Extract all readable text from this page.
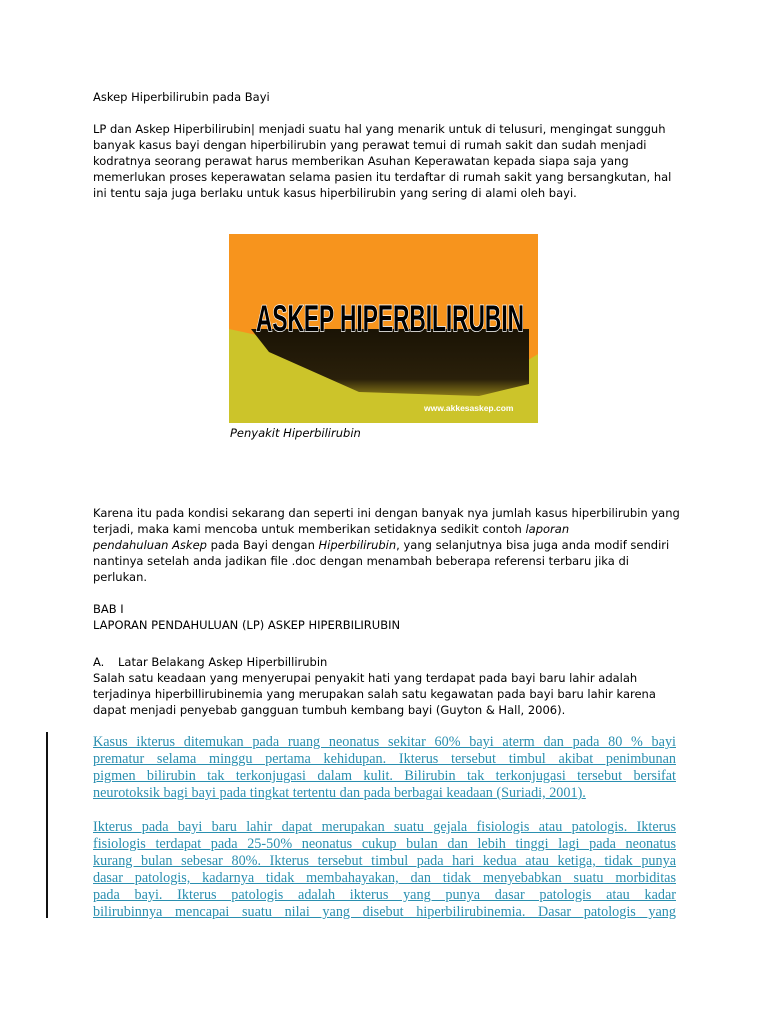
Askep Hiperbilirubin pada Bayi

LP dan Askep Hiperbilirubin| menjadi suatu hal yang menarik untuk di telusuri, mengingat sungguh

banyak kasus bayi dengan hiperbilirubin yang perawat temui di rumah sakit dan sudah menjadi

kodratnya seorang perawat harus memberikan Asuhan Keperawatan kepada siapa saja yang

memerlukan proses keperawatan selama pasien itu terdaftar di rumah sakit yang bersangkutan, hal

ini tentu saja juga berlaku untuk kasus hiperbilirubin yang sering di alami oleh bayi.

ASKEP HIPERBILIRUBIN
www.akkesaskep.com
Penyakit Hiperbilirubin

Karena itu pada kondisi sekarang dan seperti ini dengan banyak nya jumlah kasus hiperbilirubin yang

terjadi, maka kami mencoba untuk memberikan setidaknya sedikit contoh laporan

pendahuluan Askep pada Bayi dengan Hiperbilirubin, yang selanjutnya bisa juga anda modif sendiri

nantinya setelah anda jadikan file .doc dengan menambah beberapa referensi terbaru jika di

perlukan.

BAB I

LAPORAN PENDAHULUAN (LP) ASKEP HIPERBILIRUBIN

A. Latar Belakang Askep Hiperbillirubin

Salah satu keadaan yang menyerupai penyakit hati yang terdapat pada bayi baru lahir adalah

terjadinya hiperbillirubinemia yang merupakan salah satu kegawatan pada bayi baru lahir karena

dapat menjadi penyebab gangguan tumbuh kembang bayi (Guyton & Hall, 2006).

Kasus ikterus ditemukan pada ruang neonatus sekitar 60% bayi aterm dan pada 80 % bayi

prematur selama minggu pertama kehidupan. Ikterus tersebut timbul akibat penimbunan

pigmen bilirubin tak terkonjugasi dalam kulit. Bilirubin tak terkonjugasi tersebut bersifat

neurotoksik bagi bayi pada tingkat tertentu dan pada berbagai keadaan (Suriadi, 2001).

Ikterus pada bayi baru lahir dapat merupakan suatu gejala fisiologis atau patologis. Ikterus

fisiologis terdapat pada 25-50% neonatus cukup bulan dan lebih tinggi lagi pada neonatus

kurang bulan sebesar 80%. Ikterus tersebut timbul pada hari kedua atau ketiga, tidak punya

dasar patologis, kadarnya tidak membahayakan, dan tidak menyebabkan suatu morbiditas

pada bayi. Ikterus patologis adalah ikterus yang punya dasar patologis atau kadar

bilirubinnya mencapai suatu nilai yang disebut hiperbilirubinemia. Dasar patologis yang
